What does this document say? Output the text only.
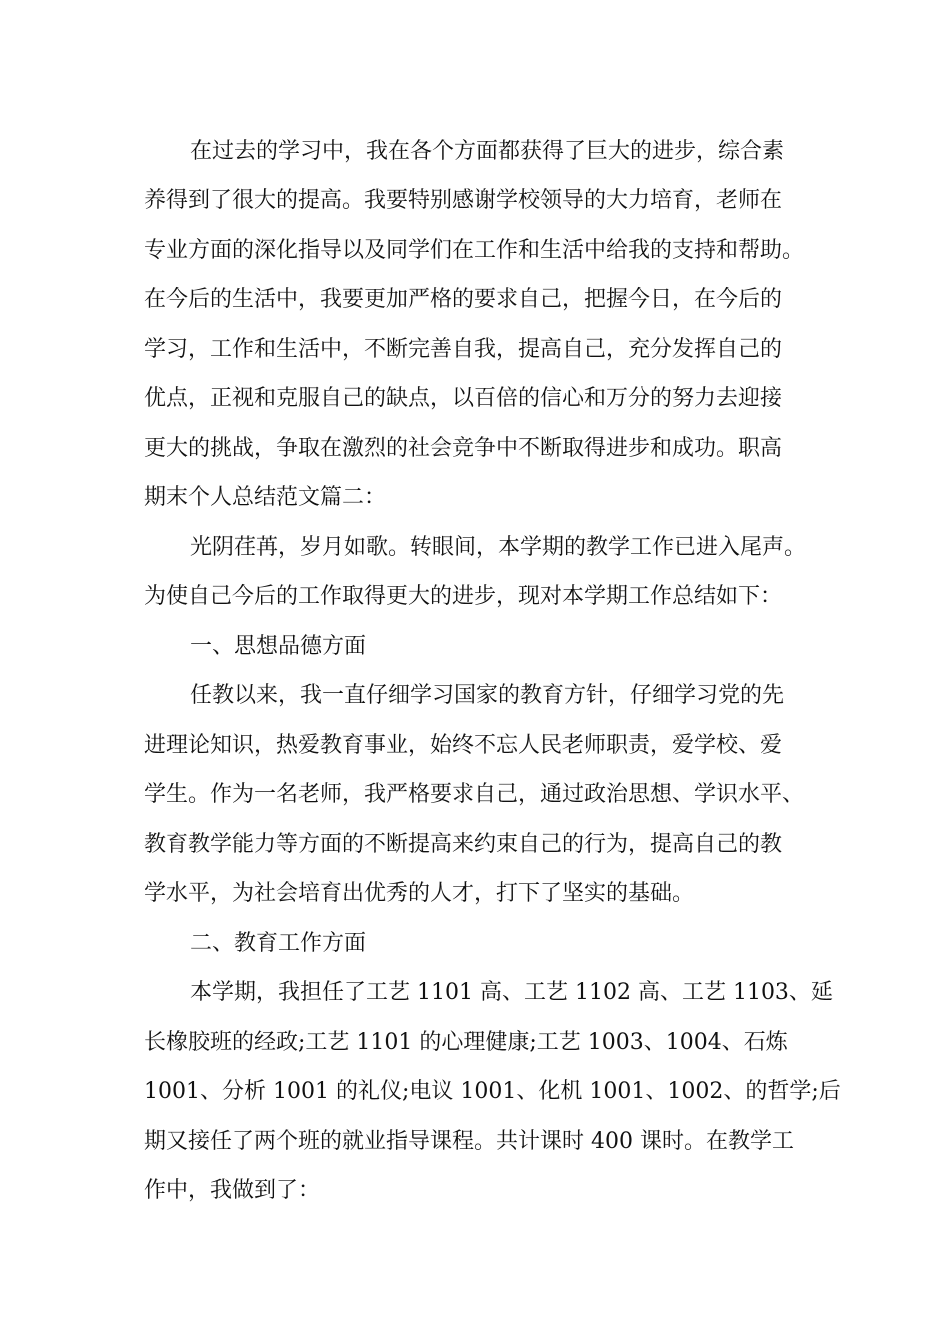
在过去的学习中，我在各个方面都获得了巨大的进步，综合素
养得到了很大的提高。我要特别感谢学校领导的大力培育，老师在
专业方面的深化指导以及同学们在工作和生活中给我的支持和帮助。
在今后的生活中，我要更加严格的要求自己，把握今日，在今后的
学习，工作和生活中，不断完善自我，提高自己，充分发挥自己的
优点，正视和克服自己的缺点，以百倍的信心和万分的努力去迎接
更大的挑战，争取在激烈的社会竞争中不断取得进步和成功。职高
期末个人总结范文篇二：
光阴荏苒，岁月如歌。转眼间，本学期的教学工作已进入尾声。
为使自己今后的工作取得更大的进步，现对本学期工作总结如下：
一、思想品德方面
任教以来，我一直仔细学习国家的教育方针，仔细学习党的先
进理论知识，热爱教育事业，始终不忘人民老师职责，爱学校、爱
学生。作为一名老师，我严格要求自己，通过政治思想、学识水平、
教育教学能力等方面的不断提高来约束自己的行为，提高自己的教
学水平，为社会培育出优秀的人才，打下了坚实的基础。
二、教育工作方面
本学期，我担任了工艺 1101 高、工艺 1102 高、工艺 1103、延
长橡胶班的经政;工艺 1101 的心理健康;工艺 1003、1004、石炼
1001、分析 1001 的礼仪;电议 1001、化机 1001、1002、的哲学;后
期又接任了两个班的就业指导课程。共计课时 400 课时。在教学工
作中，我做到了：
